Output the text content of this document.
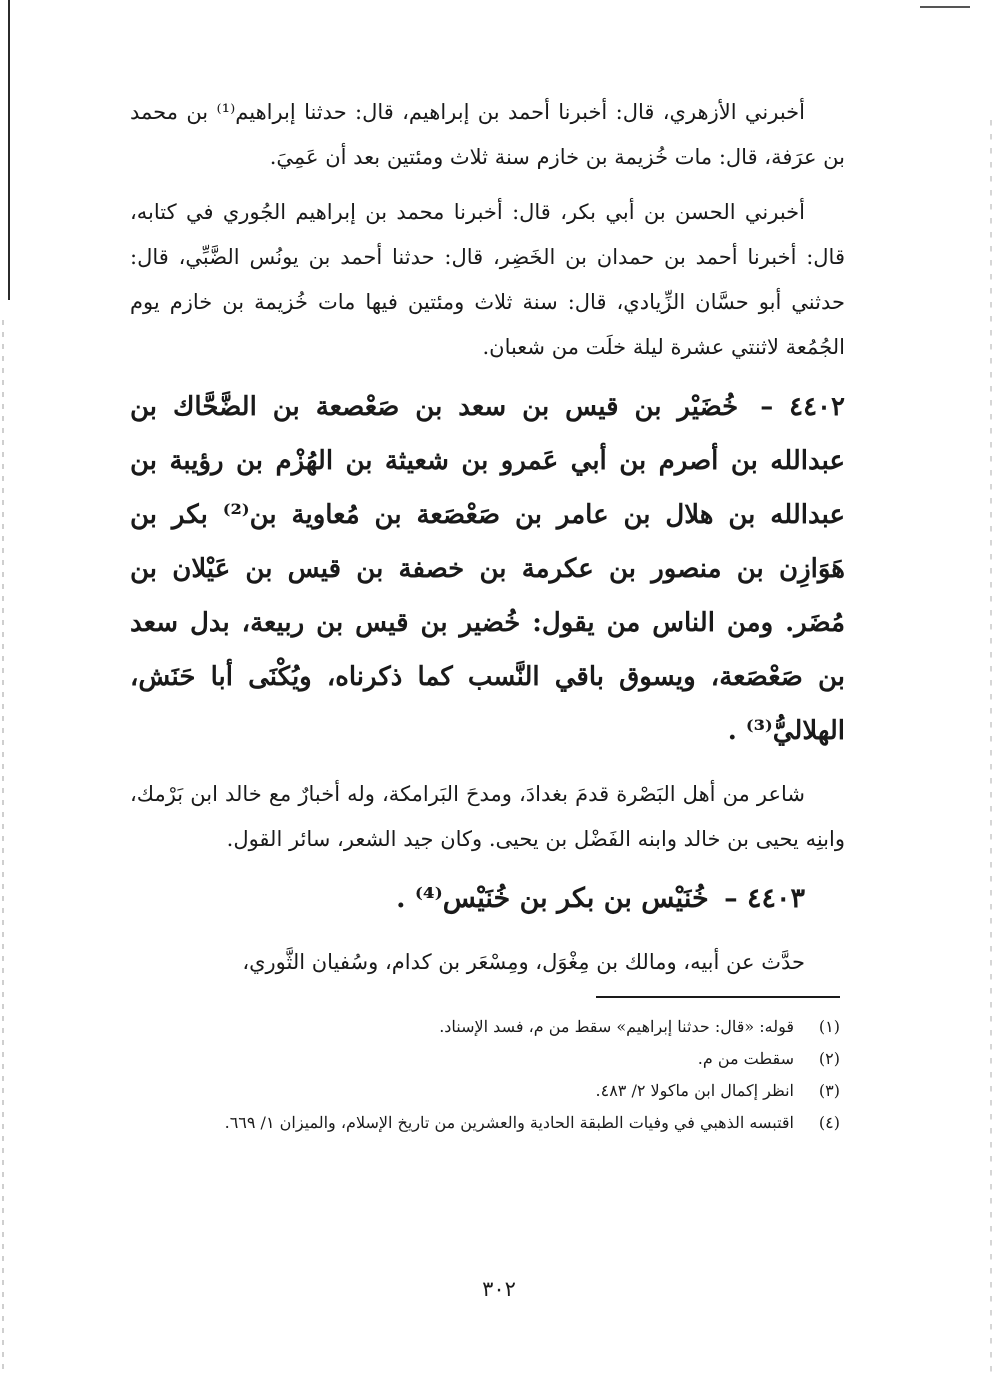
أخبرني الأزهري، قال: أخبرنا أحمد بن إبراهيم، قال: حدثنا إبراهيم⁽¹⁾ بن محمد بن عرَفة، قال: مات خُزيمة بن خازم سنة ثلاث ومئتين بعد أن عَمِيَ.

أخبرني الحسن بن أبي بكر، قال: أخبرنا محمد بن إبراهيم الجُوري في كتابه، قال: أخبرنا أحمد بن حمدان بن الخَضِر، قال: حدثنا أحمد بن يونُس الضَّبِّي، قال: حدثني أبو حسَّان الزِّيادي، قال: سنة ثلاث ومئتين فيها مات خُزيمة بن خازم يوم الجُمُعة لاثنتي عشرة ليلة خلَت من شعبان.

٤٤٠٢ – خُضَيْر بن قيس بن سعد بن صَعْصعة بن الضَّحَّاك بن عبدالله بن أصرم بن أبي عَمرو بن شعيثة بن الهُزْم بن رؤيبة بن عبدالله بن هلال بن عامر بن صَعْصَعة بن مُعاوية بن⁽²⁾ بكر بن هَوَازِن بن منصور بن عكرمة بن خصفة بن قيس بن عَيْلان بن مُضَر. ومن الناس من يقول: خُضير بن قيس بن ربيعة، بدل سعد بن صَعْصَعة، ويسوق باقي النَّسب كما ذكرناه، ويُكْنَى أبا حَنَش، الهلاليُّ⁽³⁾ .

شاعر من أهل البَصْرة قدمَ بغدادَ، ومدحَ البَرامكة، وله أخبارٌ مع خالد ابن بَرْمك، وابنِه يحيى بن خالد وابنه الفَضْل بن يحيى. وكان جيد الشعر، سائر القول.

٤٤٠٣ – خُنَيْس بن بكر بن خُنَيْس⁽⁴⁾ .

حدَّث عن أبيه، ومالك بن مِغْوَل، ومِسْعَر بن كدام، وسُفيان الثَّوري،

(١)
قوله: «قال: حدثنا إبراهيم» سقط من م، فسد الإسناد.
(٢)
سقطت من م.
(٣)
انظر إكمال ابن ماكولا ٢/ ٤٨٣.
(٤)
اقتبسه الذهبي في وفيات الطبقة الحادية والعشرين من تاريخ الإسلام، والميزان ١/ ٦٦٩.
٣٠٢
